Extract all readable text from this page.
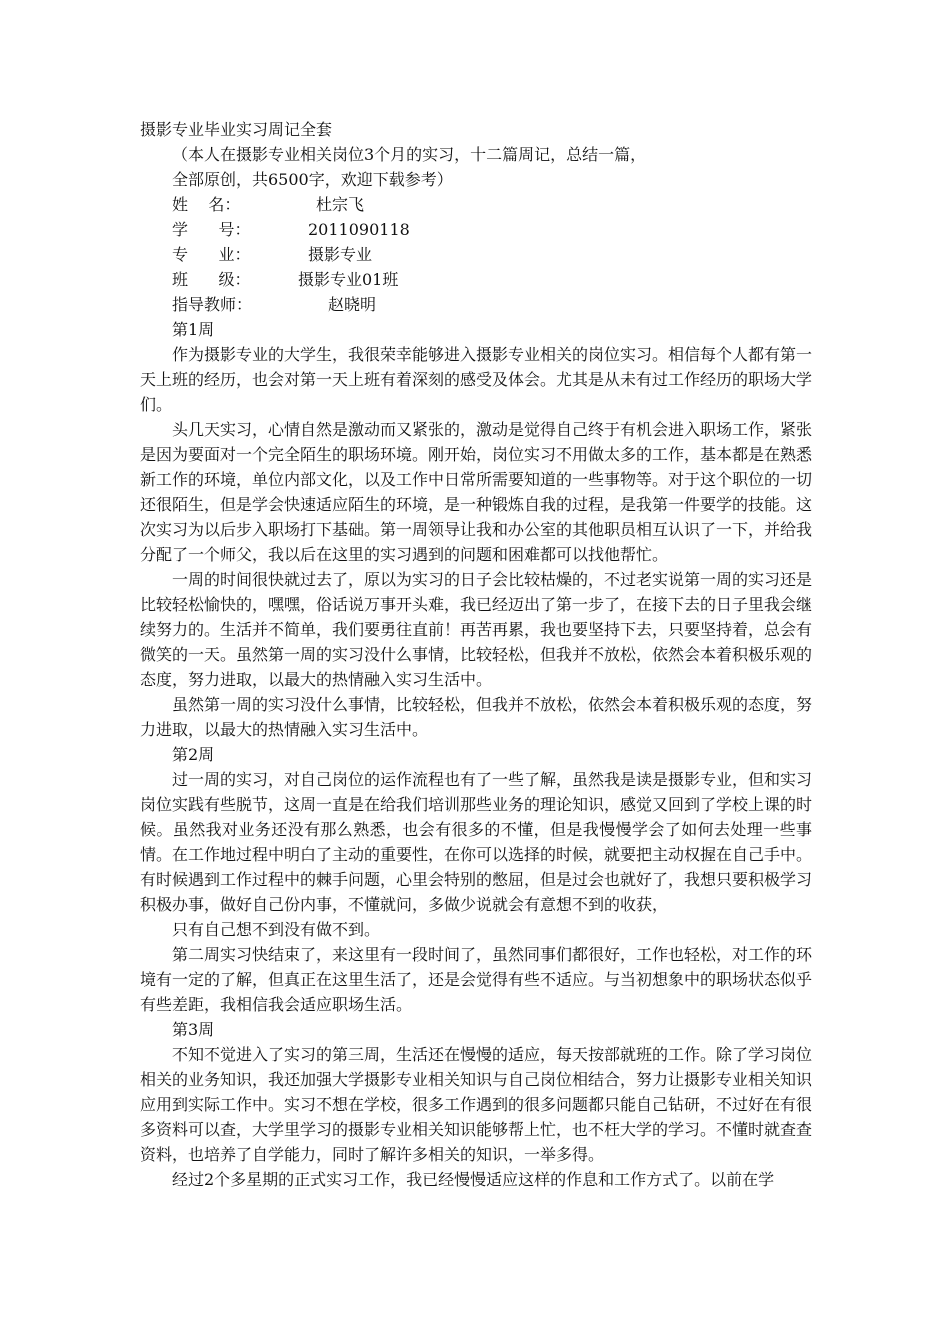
摄影专业毕业实习周记全套

（本人在摄影专业相关岗位3个月的实习，十二篇周记，总结一篇，

全部原创，共6500字，欢迎下载参考）

姓    名：	杜宗飞

学      号：	2011090118

专      业：	摄影专业

班      级：	摄影专业01班

指导教师：	赵晓明

第1周

作为摄影专业的大学生，我很荣幸能够进入摄影专业相关的岗位实习。相信每个人都有第一天上班的经历，也会对第一天上班有着深刻的感受及体会。尤其是从未有过工作经历的职场大学们。

头几天实习，心情自然是激动而又紧张的，激动是觉得自己终于有机会进入职场工作，紧张是因为要面对一个完全陌生的职场环境。刚开始，岗位实习不用做太多的工作，基本都是在熟悉新工作的环境，单位内部文化，以及工作中日常所需要知道的一些事物等。对于这个职位的一切还很陌生，但是学会快速适应陌生的环境，是一种锻炼自我的过程，是我第一件要学的技能。这次实习为以后步入职场打下基础。第一周领导让我和办公室的其他职员相互认识了一下，并给我分配了一个师父，我以后在这里的实习遇到的问题和困难都可以找他帮忙。

一周的时间很快就过去了，原以为实习的日子会比较枯燥的，不过老实说第一周的实习还是比较轻松愉快的，嘿嘿，俗话说万事开头难，我已经迈出了第一步了，在接下去的日子里我会继续努力的。生活并不简单，我们要勇往直前！再苦再累，我也要坚持下去，只要坚持着，总会有微笑的一天。虽然第一周的实习没什么事情，比较轻松，但我并不放松，依然会本着积极乐观的态度，努力进取，以最大的热情融入实习生活中。

虽然第一周的实习没什么事情，比较轻松，但我并不放松，依然会本着积极乐观的态度，努力进取，以最大的热情融入实习生活中。

第2周

过一周的实习，对自己岗位的运作流程也有了一些了解，虽然我是读是摄影专业，但和实习岗位实践有些脱节，这周一直是在给我们培训那些业务的理论知识，感觉又回到了学校上课的时候。虽然我对业务还没有那么熟悉，也会有很多的不懂，但是我慢慢学会了如何去处理一些事情。在工作地过程中明白了主动的重要性，在你可以选择的时候，就要把主动权握在自己手中。有时候遇到工作过程中的棘手问题，心里会特别的憋屈，但是过会也就好了，我想只要积极学习积极办事，做好自己份内事，不懂就问，多做少说就会有意想不到的收获，

只有自己想不到没有做不到。

第二周实习快结束了，来这里有一段时间了，虽然同事们都很好，工作也轻松，对工作的环境有一定的了解，但真正在这里生活了，还是会觉得有些不适应。与当初想象中的职场状态似乎有些差距，我相信我会适应职场生活。

第3周

不知不觉进入了实习的第三周，生活还在慢慢的适应，每天按部就班的工作。除了学习岗位相关的业务知识，我还加强大学摄影专业相关知识与自己岗位相结合，努力让摄影专业相关知识应用到实际工作中。实习不想在学校，很多工作遇到的很多问题都只能自己钻研，不过好在有很多资料可以查，大学里学习的摄影专业相关知识能够帮上忙，也不枉大学的学习。不懂时就查查资料，也培养了自学能力，同时了解许多相关的知识，一举多得。

经过2个多星期的正式实习工作，我已经慢慢适应这样的作息和工作方式了。以前在学
